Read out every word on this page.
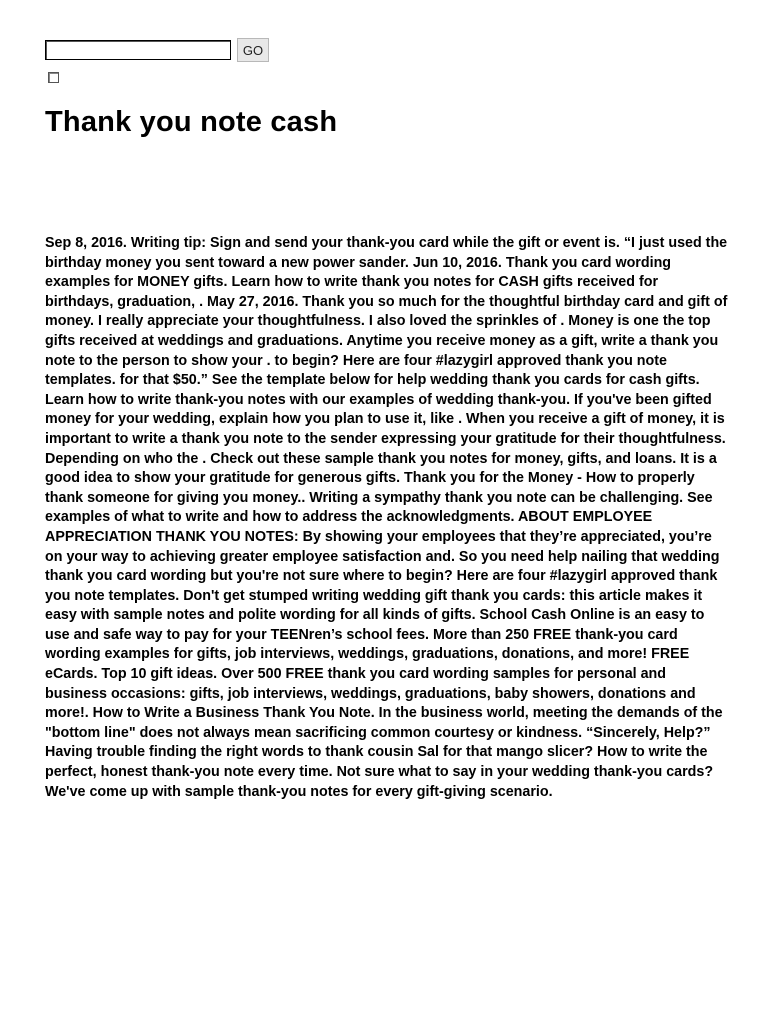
GO
Thank you note cash

Sep 8, 2016. Writing tip: Sign and send your thank-you card while the gift or event is. “I just used the birthday money you sent toward a new power sander. Jun 10, 2016. Thank you card wording examples for MONEY gifts. Learn how to write thank you notes for CASH gifts received for birthdays, graduation, . May 27, 2016. Thank you so much for the thoughtful birthday card and gift of money. I really appreciate your thoughtfulness. I also loved the sprinkles of . Money is one the top gifts received at weddings and graduations. Anytime you receive money as a gift, write a thank you note to the person to show your . to begin? Here are four #lazygirl approved thank you note templates. for that $50.” See the template below for help wedding thank you cards for cash gifts. Learn how to write thank-you notes with our examples of wedding thank-you. If you've been gifted money for your wedding, explain how you plan to use it, like . When you receive a gift of money, it is important to write a thank you note to the sender expressing your gratitude for their thoughtfulness. Depending on who the . Check out these sample thank you notes for money, gifts, and loans. It is a good idea to show your gratitude for generous gifts. Thank you for the Money - How to properly thank someone for giving you money.. Writing a sympathy thank you note can be challenging. See examples of what to write and how to address the acknowledgments. ABOUT EMPLOYEE APPRECIATION THANK YOU NOTES: By showing your employees that they’re appreciated, you’re on your way to achieving greater employee satisfaction and. So you need help nailing that wedding thank you card wording but you're not sure where to begin? Here are four #lazygirl approved thank you note templates. Don't get stumped writing wedding gift thank you cards: this article makes it easy with sample notes and polite wording for all kinds of gifts. School Cash Online is an easy to use and safe way to pay for your TEENren’s school fees. More than 250 FREE thank-you card wording examples for gifts, job interviews, weddings, graduations, donations, and more! FREE eCards. Top 10 gift ideas. Over 500 FREE thank you card wording samples for personal and business occasions: gifts, job interviews, weddings, graduations, baby showers, donations and more!. How to Write a Business Thank You Note. In the business world, meeting the demands of the "bottom line" does not always mean sacrificing common courtesy or kindness. “Sincerely, Help?” Having trouble finding the right words to thank cousin Sal for that mango slicer? How to write the perfect, honest thank-you note every time. Not sure what to say in your wedding thank-you cards? We've come up with sample thank-you notes for every gift-giving scenario.
